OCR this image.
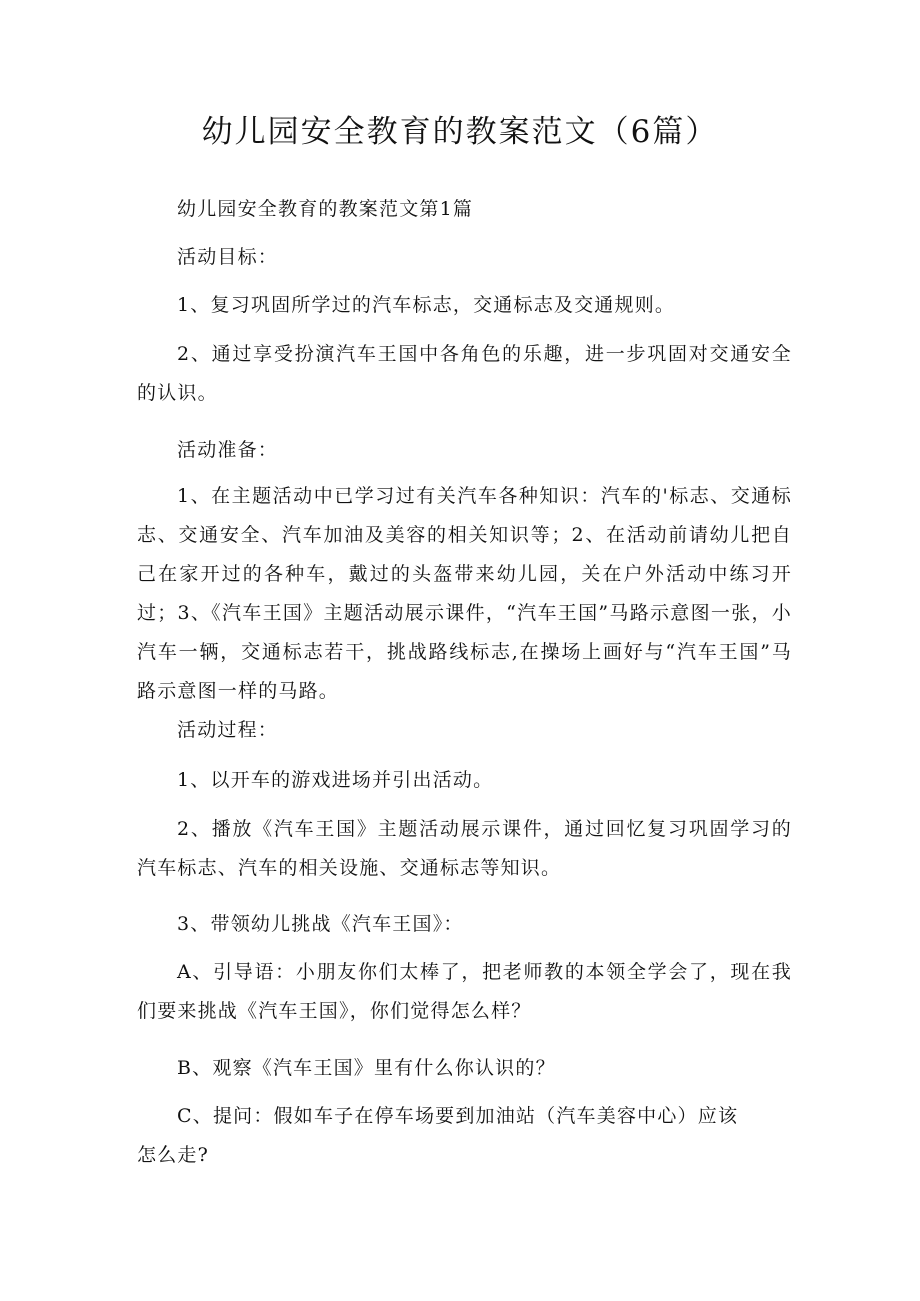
幼儿园安全教育的教案范文（6篇）

幼儿园安全教育的教案范文第1篇

活动目标：

1、复习巩固所学过的汽车标志，交通标志及交通规则。

2、通过享受扮演汽车王国中各角色的乐趣，进一步巩固对交通安全的认识。

活动准备：

1、在主题活动中已学习过有关汽车各种知识：汽车的'标志、交通标志、交通安全、汽车加油及美容的相关知识等；2、在活动前请幼儿把自己在家开过的各种车，戴过的头盔带来幼儿园，关在户外活动中练习开过；3、《汽车王国》主题活动展示课件，“汽车王国”马路示意图一张，小汽车一辆，交通标志若干，挑战路线标志,在操场上画好与“汽车王国”马路示意图一样的马路。

活动过程：

1、以开车的游戏进场并引出活动。

2、播放《汽车王国》主题活动展示课件，通过回忆复习巩固学习的汽车标志、汽车的相关设施、交通标志等知识。

3、带领幼儿挑战《汽车王国》：

A、引导语：小朋友你们太棒了，把老师教的本领全学会了，现在我们要来挑战《汽车王国》，你们觉得怎么样？

B、观察《汽车王国》里有什么你认识的？

C、提问：假如车子在停车场要到加油站（汽车美容中心）应该
怎么走?
